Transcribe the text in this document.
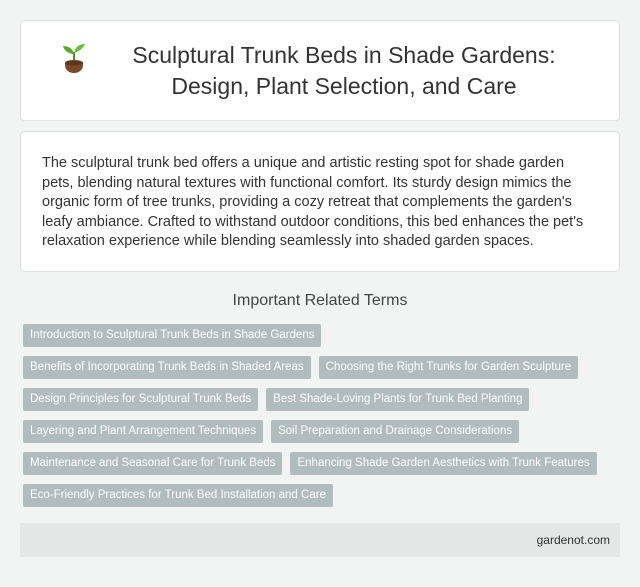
Sculptural Trunk Beds in Shade Gardens: Design, Plant Selection, and Care

The sculptural trunk bed offers a unique and artistic resting spot for shade garden pets, blending natural textures with functional comfort. Its sturdy design mimics the organic form of tree trunks, providing a cozy retreat that complements the garden's leafy ambiance. Crafted to withstand outdoor conditions, this bed enhances the pet's relaxation experience while blending seamlessly into shaded garden spaces.

Important Related Terms
Introduction to Sculptural Trunk Beds in Shade Gardens
Benefits of Incorporating Trunk Beds in Shaded Areas	Choosing the Right Trunks for Garden Sculpture
Design Principles for Sculptural Trunk Beds	Best Shade-Loving Plants for Trunk Bed Planting
Layering and Plant Arrangement Techniques	Soil Preparation and Drainage Considerations
Maintenance and Seasonal Care for Trunk Beds	Enhancing Shade Garden Aesthetics with Trunk Features
Eco-Friendly Practices for Trunk Bed Installation and Care
gardenot.com
